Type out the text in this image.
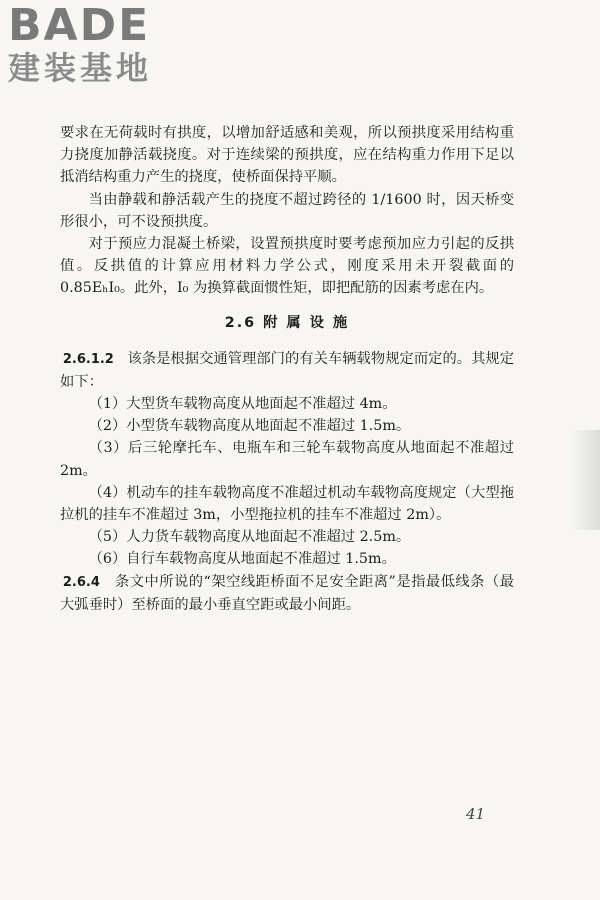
BADE
建装基地

要求在无荷载时有拱度，以增加舒适感和美观，所以预拱度采用结构重力挠度加静活载挠度。对于连续梁的预拱度，应在结构重力作用下足以抵消结构重力产生的挠度，使桥面保持平顺。

当由静载和静活载产生的挠度不超过跨径的 1/1600 时，因天桥变形很小，可不设预拱度。

对于预应力混凝土桥梁，设置预拱度时要考虑预加应力引起的反拱值。反拱值的计算应用材料力学公式，刚度采用未开裂截面的 0.85EₕI₀。此外，I₀ 为换算截面惯性矩，即把配筋的因素考虑在内。

2.6 附 属 设 施

2.6.1.2 该条是根据交通管理部门的有关车辆载物规定而定的。其规定如下：

（1）大型货车载物高度从地面起不准超过 4m。

（2）小型货车载物高度从地面起不准超过 1.5m。

（3）后三轮摩托车、电瓶车和三轮车载物高度从地面起不准超过 2m。

（4）机动车的挂车载物高度不准超过机动车载物高度规定（大型拖拉机的挂车不准超过 3m，小型拖拉机的挂车不准超过 2m）。

（5）人力货车载物高度从地面起不准超过 2.5m。

（6）自行车载物高度从地面起不准超过 1.5m。

2.6.4 条文中所说的“架空线距桥面不足安全距离”是指最低线条（最大弧垂时）至桥面的最小垂直空距或最小间距。

41
